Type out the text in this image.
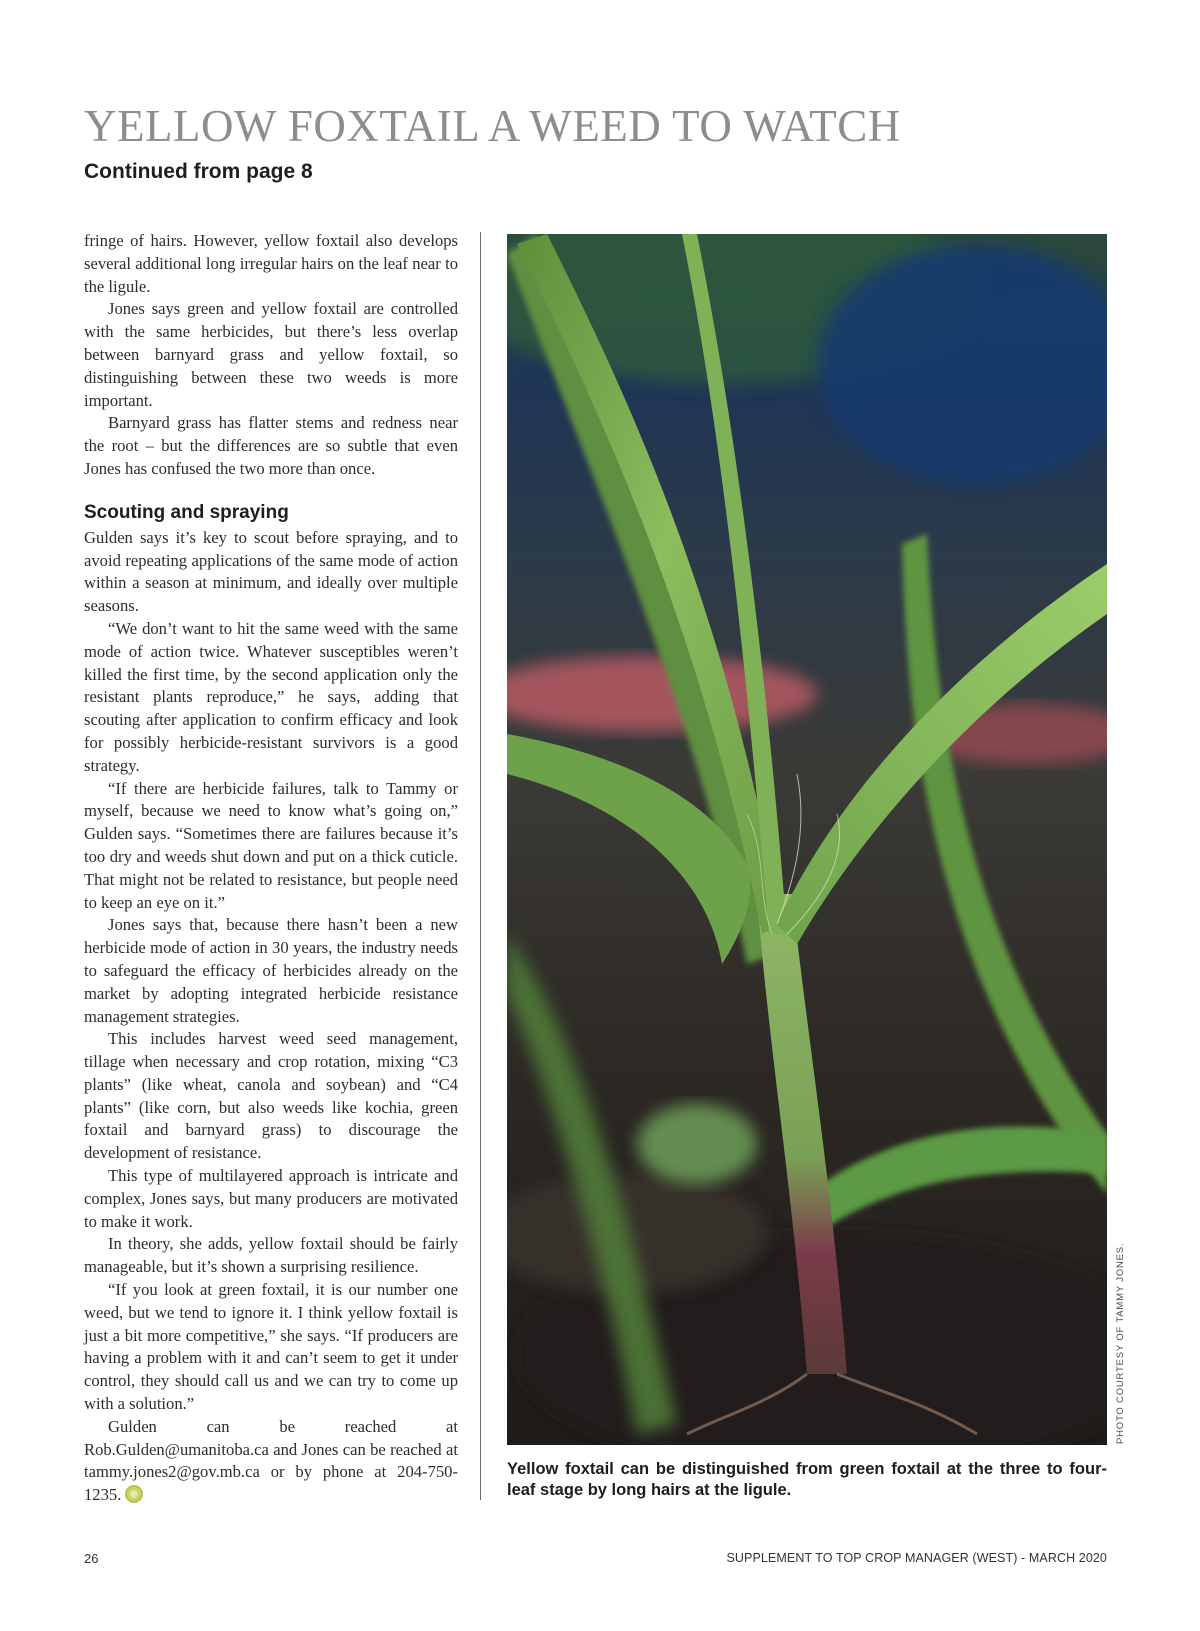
YELLOW FOXTAIL A WEED TO WATCH
Continued from page 8

fringe of hairs. However, yellow foxtail also develops several additional long irregular hairs on the leaf near to the ligule.

Jones says green and yellow foxtail are controlled with the same herbicides, but there’s less overlap between barnyard grass and yellow foxtail, so distinguishing between these two weeds is more important.

Barnyard grass has flatter stems and redness near the root – but the differences are so subtle that even Jones has confused the two more than once.

Scouting and spraying

Gulden says it’s key to scout before spraying, and to avoid repeating applications of the same mode of action within a season at minimum, and ideally over multiple seasons.

“We don’t want to hit the same weed with the same mode of action twice. Whatever susceptibles weren’t killed the first time, by the second application only the resistant plants reproduce,” he says, adding that scouting after application to confirm efficacy and look for possibly herbicide-resistant survivors is a good strategy.

“If there are herbicide failures, talk to Tammy or myself, because we need to know what’s going on,” Gulden says. “Sometimes there are failures because it’s too dry and weeds shut down and put on a thick cuticle. That might not be related to resistance, but people need to keep an eye on it.”

Jones says that, because there hasn’t been a new herbicide mode of action in 30 years, the industry needs to safeguard the efficacy of herbicides already on the market by adopting integrated herbicide resistance management strategies.

This includes harvest weed seed management, tillage when necessary and crop rotation, mixing “C3 plants” (like wheat, canola and soybean) and “C4 plants” (like corn, but also weeds like kochia, green foxtail and barnyard grass) to discourage the development of resistance.

This type of multilayered approach is intricate and complex, Jones says, but many producers are motivated to make it work.

In theory, she adds, yellow foxtail should be fairly manageable, but it’s shown a surprising resilience.

“If you look at green foxtail, it is our number one weed, but we tend to ignore it. I think yellow foxtail is just a bit more competitive,” she says. “If producers are having a problem with it and can’t seem to get it under control, they should call us and we can try to come up with a solution.”

Gulden can be reached at Rob.Gulden@umanitoba.ca and Jones can be reached at tammy.jones2@gov.mb.ca or by phone at 204-750-1235.

PHOTO COURTESY OF TAMMY JONES.

Yellow foxtail can be distinguished from green foxtail at the three to four-leaf stage by long hairs at the ligule.

26	SUPPLEMENT TO TOP CROP MANAGER (WEST) - MARCH 2020
